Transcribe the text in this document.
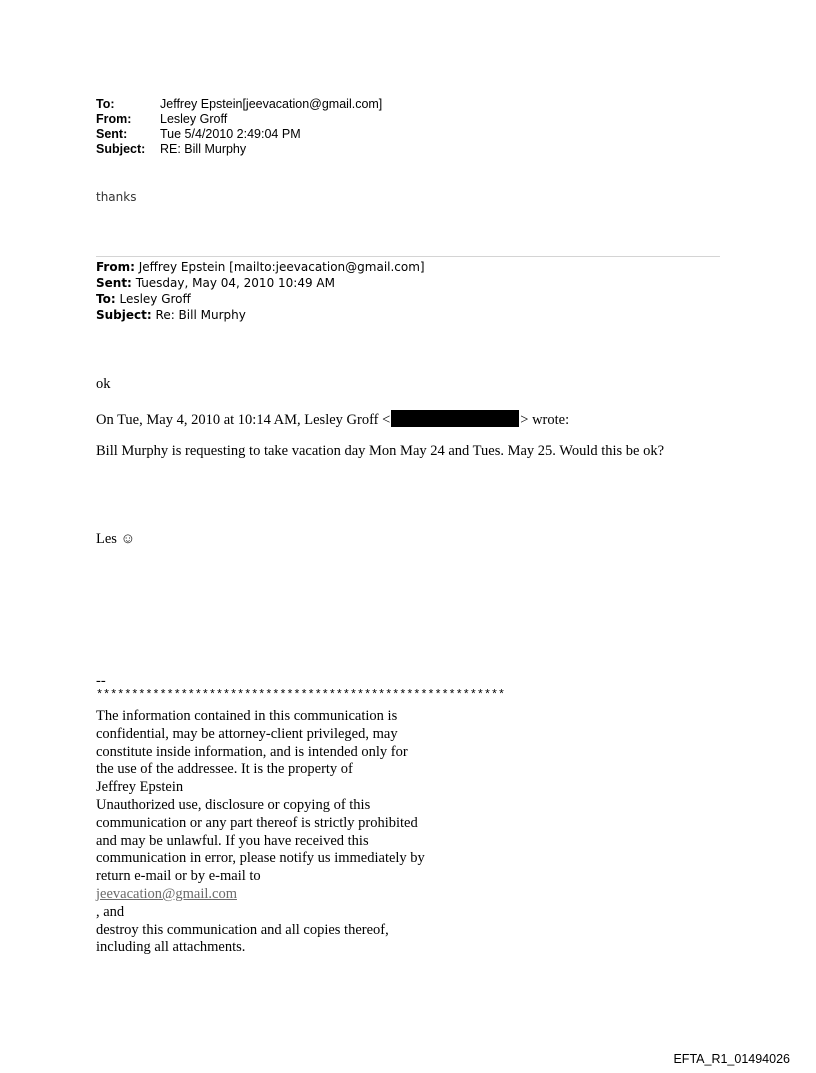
To:	Jeffrey Epstein[jeevacation@gmail.com]
From:	Lesley Groff
Sent:	Tue 5/4/2010 2:49:04 PM
Subject:	RE: Bill Murphy
thanks
From: Jeffrey Epstein [mailto:jeevacation@gmail.com]
Sent: Tuesday, May 04, 2010 10:49 AM
To: Lesley Groff
Subject: Re: Bill Murphy
ok
On Tue, May 4, 2010 at 10:14 AM, Lesley Groff <	> wrote:
Bill Murphy is requesting to take vacation day Mon May 24 and Tues. May 25. Would this be ok?
Les ☺
--
**********************************************************
The information contained in this communication is
confidential, may be attorney-client privileged, may
constitute inside information, and is intended only for
the use of the addressee. It is the property of
Jeffrey Epstein
Unauthorized use, disclosure or copying of this
communication or any part thereof is strictly prohibited
and may be unlawful. If you have received this
communication in error, please notify us immediately by
return e-mail or by e-mail to
jeevacation@gmail.com
, and
destroy this communication and all copies thereof,
including all attachments.
EFTA_R1_01494026
